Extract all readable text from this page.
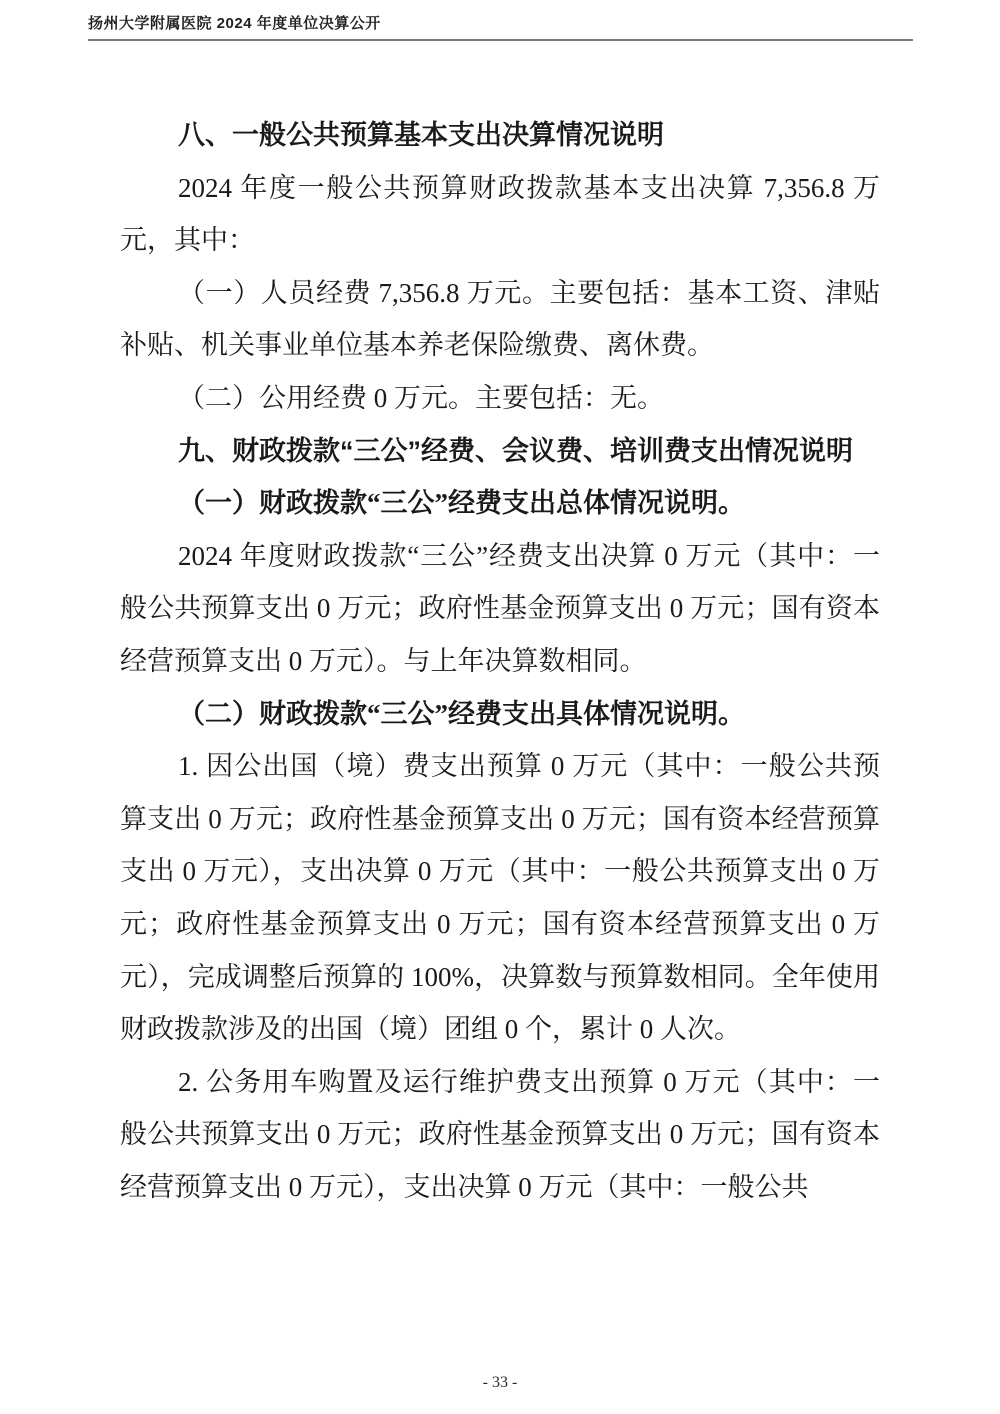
扬州大学附属医院 2024 年度单位决算公开

八、一般公共预算基本支出决算情况说明

2024 年度一般公共预算财政拨款基本支出决算 7,356.8 万元，其中：

（一）人员经费 7,356.8 万元。主要包括：基本工资、津贴补贴、机关事业单位基本养老保险缴费、离休费。

（二）公用经费 0 万元。主要包括：无。

九、财政拨款“三公”经费、会议费、培训费支出情况说明

（一）财政拨款“三公”经费支出总体情况说明。

2024 年度财政拨款“三公”经费支出决算 0 万元（其中：一般公共预算支出 0 万元；政府性基金预算支出 0 万元；国有资本经营预算支出 0 万元）。与上年决算数相同。

（二）财政拨款“三公”经费支出具体情况说明。

1. 因公出国（境）费支出预算 0 万元（其中：一般公共预算支出 0 万元；政府性基金预算支出 0 万元；国有资本经营预算支出 0 万元），支出决算 0 万元（其中：一般公共预算支出 0 万元；政府性基金预算支出 0 万元；国有资本经营预算支出 0 万元），完成调整后预算的 100%，决算数与预算数相同。全年使用财政拨款涉及的出国（境）团组 0 个，累计 0 人次。

2. 公务用车购置及运行维护费支出预算 0 万元（其中：一般公共预算支出 0 万元；政府性基金预算支出 0 万元；国有资本经营预算支出 0 万元），支出决算 0 万元（其中：一般公共

- 33 -
